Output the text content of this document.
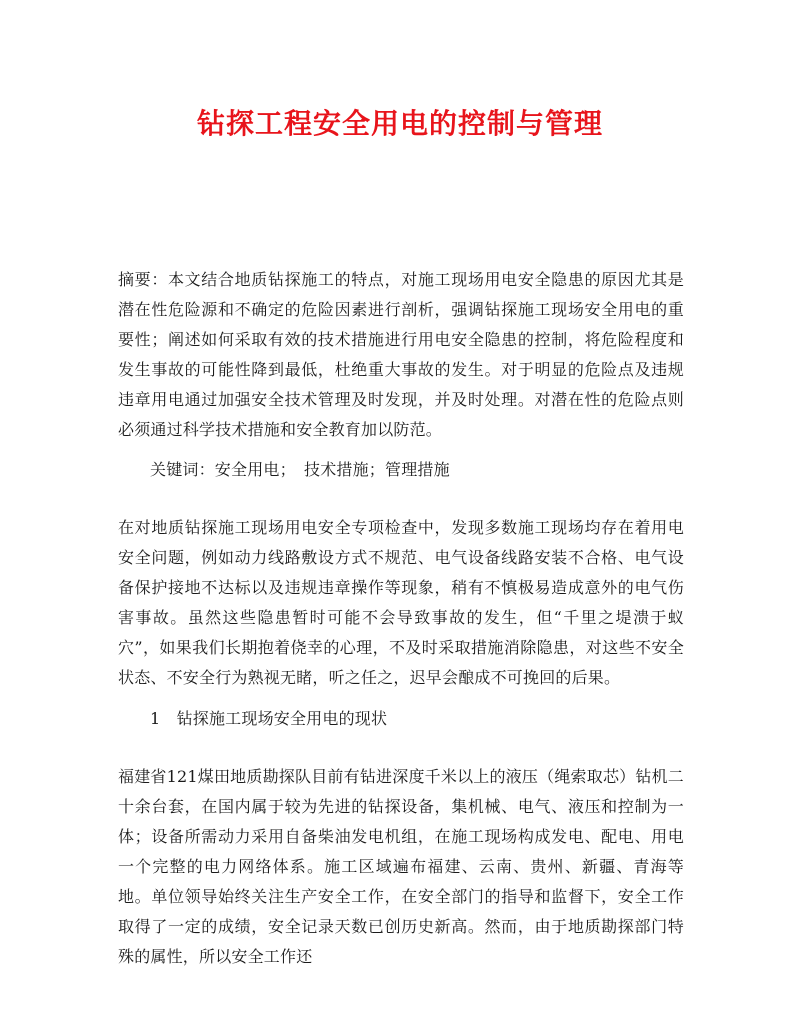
钻探工程安全用电的控制与管理
摘要：本文结合地质钻探施工的特点，对施工现场用电安全隐患的原因尤其是潜在性危险源和不确定的危险因素进行剖析，强调钻探施工现场安全用电的重要性；阐述如何采取有效的技术措施进行用电安全隐患的控制，将危险程度和发生事故的可能性降到最低，杜绝重大事故的发生。对于明显的危险点及违规违章用电通过加强安全技术管理及时发现，并及时处理。对潜在性的危险点则必须通过科学技术措施和安全教育加以防范。
关键词：安全用电；　技术措施；管理措施
在对地质钻探施工现场用电安全专项检查中，发现多数施工现场均存在着用电安全问题，例如动力线路敷设方式不规范、电气设备线路安装不合格、电气设备保护接地不达标以及违规违章操作等现象，稍有不慎极易造成意外的电气伤害事故。虽然这些隐患暂时可能不会导致事故的发生，但“千里之堤溃于蚁穴”，如果我们长期抱着侥幸的心理，不及时采取措施消除隐患，对这些不安全状态、不安全行为熟视无睹，听之任之，迟早会酿成不可挽回的后果。
1　钻探施工现场安全用电的现状
福建省121煤田地质勘探队目前有钻进深度千米以上的液压（绳索取芯）钻机二十余台套，在国内属于较为先进的钻探设备，集机械、电气、液压和控制为一体；设备所需动力采用自备柴油发电机组，在施工现场构成发电、配电、用电一个完整的电力网络体系。施工区域遍布福建、云南、贵州、新疆、青海等地。单位领导始终关注生产安全工作，在安全部门的指导和监督下，安全工作取得了一定的成绩，安全记录天数已创历史新高。然而，由于地质勘探部门特殊的属性，所以安全工作还
